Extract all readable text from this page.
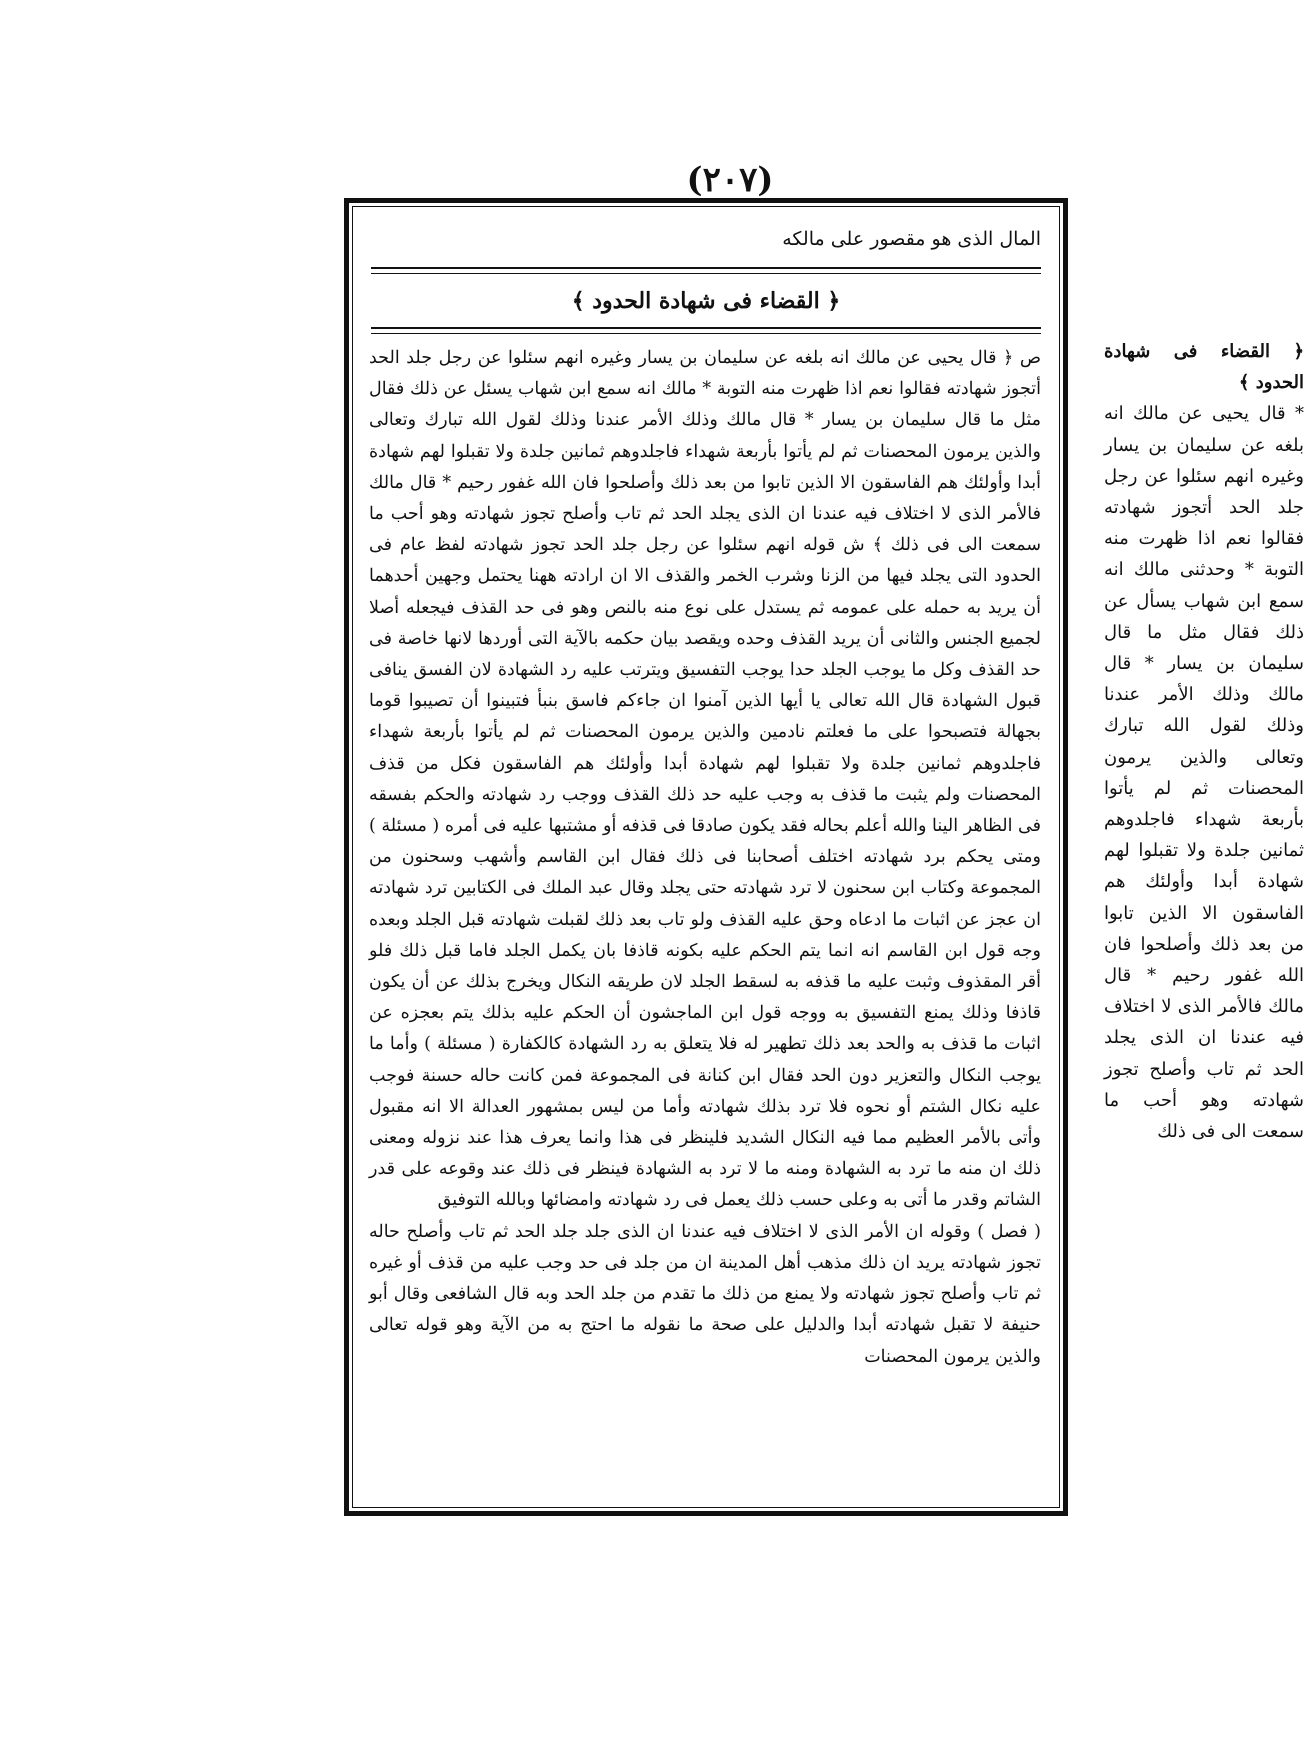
(٢٠٧)
المال الذى هو مقصور على مالكه
﴿ القضاء فى شهادة الحدود ﴾

ص ﴿ قال يحيى عن مالك انه بلغه عن سليمان بن يسار وغيره انهم سئلوا عن رجل جلد الحد أتجوز شهادته فقالوا نعم اذا ظهرت منه التوبة * مالك انه سمع ابن شهاب يسئل عن ذلك فقال مثل ما قال سليمان بن يسار * قال مالك وذلك الأمر عندنا وذلك لقول الله تبارك وتعالى والذين يرمون المحصنات ثم لم يأتوا بأربعة شهداء فاجلدوهم ثمانين جلدة ولا تقبلوا لهم شهادة أبدا وأولئك هم الفاسقون الا الذين تابوا من بعد ذلك وأصلحوا فان الله غفور رحيم * قال مالك فالأمر الذى لا اختلاف فيه عندنا ان الذى يجلد الحد ثم تاب وأصلح تجوز شهادته وهو أحب ما سمعت الى فى ذلك ﴾ ش قوله انهم سئلوا عن رجل جلد الحد تجوز شهادته لفظ عام فى الحدود التى يجلد فيها من الزنا وشرب الخمر والقذف الا ان ارادته ههنا يحتمل وجهين أحدهما أن يريد به حمله على عمومه ثم يستدل على نوع منه بالنص وهو فى حد القذف فيجعله أصلا لجميع الجنس والثانى أن يريد القذف وحده ويقصد بيان حكمه بالآية التى أوردها لانها خاصة فى حد القذف وكل ما يوجب الجلد حدا يوجب التفسيق ويترتب عليه رد الشهادة لان الفسق ينافى قبول الشهادة قال الله تعالى يا أيها الذين آمنوا ان جاءكم فاسق بنبأ فتبينوا أن تصيبوا قوما بجهالة فتصبحوا على ما فعلتم نادمين والذين يرمون المحصنات ثم لم يأتوا بأربعة شهداء فاجلدوهم ثمانين جلدة ولا تقبلوا لهم شهادة أبدا وأولئك هم الفاسقون فكل من قذف المحصنات ولم يثبت ما قذف به وجب عليه حد ذلك القذف ووجب رد شهادته والحكم بفسقه فى الظاهر الينا والله أعلم بحاله فقد يكون صادقا فى قذفه أو مشتبها عليه فى أمره ( مسئلة ) ومتى يحكم برد شهادته اختلف أصحابنا فى ذلك فقال ابن القاسم وأشهب وسحنون من المجموعة وكتاب ابن سحنون لا ترد شهادته حتى يجلد وقال عبد الملك فى الكتابين ترد شهادته ان عجز عن اثبات ما ادعاه وحق عليه القذف ولو تاب بعد ذلك لقبلت شهادته قبل الجلد وبعده وجه قول ابن القاسم انه انما يتم الحكم عليه بكونه قاذفا بان يكمل الجلد فاما قبل ذلك فلو أقر المقذوف وثبت عليه ما قذفه به لسقط الجلد لان طريقه النكال ويخرج بذلك عن أن يكون قاذفا وذلك يمنع التفسيق به ووجه قول ابن الماجشون أن الحكم عليه بذلك يتم بعجزه عن اثبات ما قذف به والحد بعد ذلك تطهير له فلا يتعلق به رد الشهادة كالكفارة ( مسئلة ) وأما ما يوجب النكال والتعزير دون الحد فقال ابن كنانة فى المجموعة فمن كانت حاله حسنة فوجب عليه نكال الشتم أو نحوه فلا ترد بذلك شهادته وأما من ليس بمشهور العدالة الا انه مقبول وأتى بالأمر العظيم مما فيه النكال الشديد فلينظر فى هذا وانما يعرف هذا عند نزوله ومعنى ذلك ان منه ما ترد به الشهادة ومنه ما لا ترد به الشهادة فينظر فى ذلك عند وقوعه على قدر الشاتم وقدر ما أتى به وعلى حسب ذلك يعمل فى رد شهادته وامضائها وبالله التوفيق

( فصل ) وقوله ان الأمر الذى لا اختلاف فيه عندنا ان الذى جلد جلد الحد ثم تاب وأصلح حاله تجوز شهادته يريد ان ذلك مذهب أهل المدينة ان من جلد فى حد وجب عليه من قذف أو غيره ثم تاب وأصلح تجوز شهادته ولا يمنع من ذلك ما تقدم من جلد الحد وبه قال الشافعى وقال أبو حنيفة لا تقبل شهادته أبدا والدليل على صحة ما نقوله ما احتج به من الآية وهو قوله تعالى والذين يرمون المحصنات

﴿ القضاء فى شهادة الحدود ﴾

* قال يحيى عن مالك انه بلغه عن سليمان بن يسار وغيره انهم سئلوا عن رجل جلد الحد أتجوز شهادته فقالوا نعم اذا ظهرت منه التوبة * وحدثنى مالك انه سمع ابن شهاب يسأل عن ذلك فقال مثل ما قال سليمان بن يسار * قال مالك وذلك الأمر عندنا وذلك لقول الله تبارك وتعالى والذين يرمون المحصنات ثم لم يأتوا بأربعة شهداء فاجلدوهم ثمانين جلدة ولا تقبلوا لهم شهادة أبدا وأولئك هم الفاسقون الا الذين تابوا من بعد ذلك وأصلحوا فان الله غفور رحيم * قال مالك فالأمر الذى لا اختلاف فيه عندنا ان الذى يجلد الحد ثم تاب وأصلح تجوز شهادته وهو أحب ما سمعت الى فى ذلك
